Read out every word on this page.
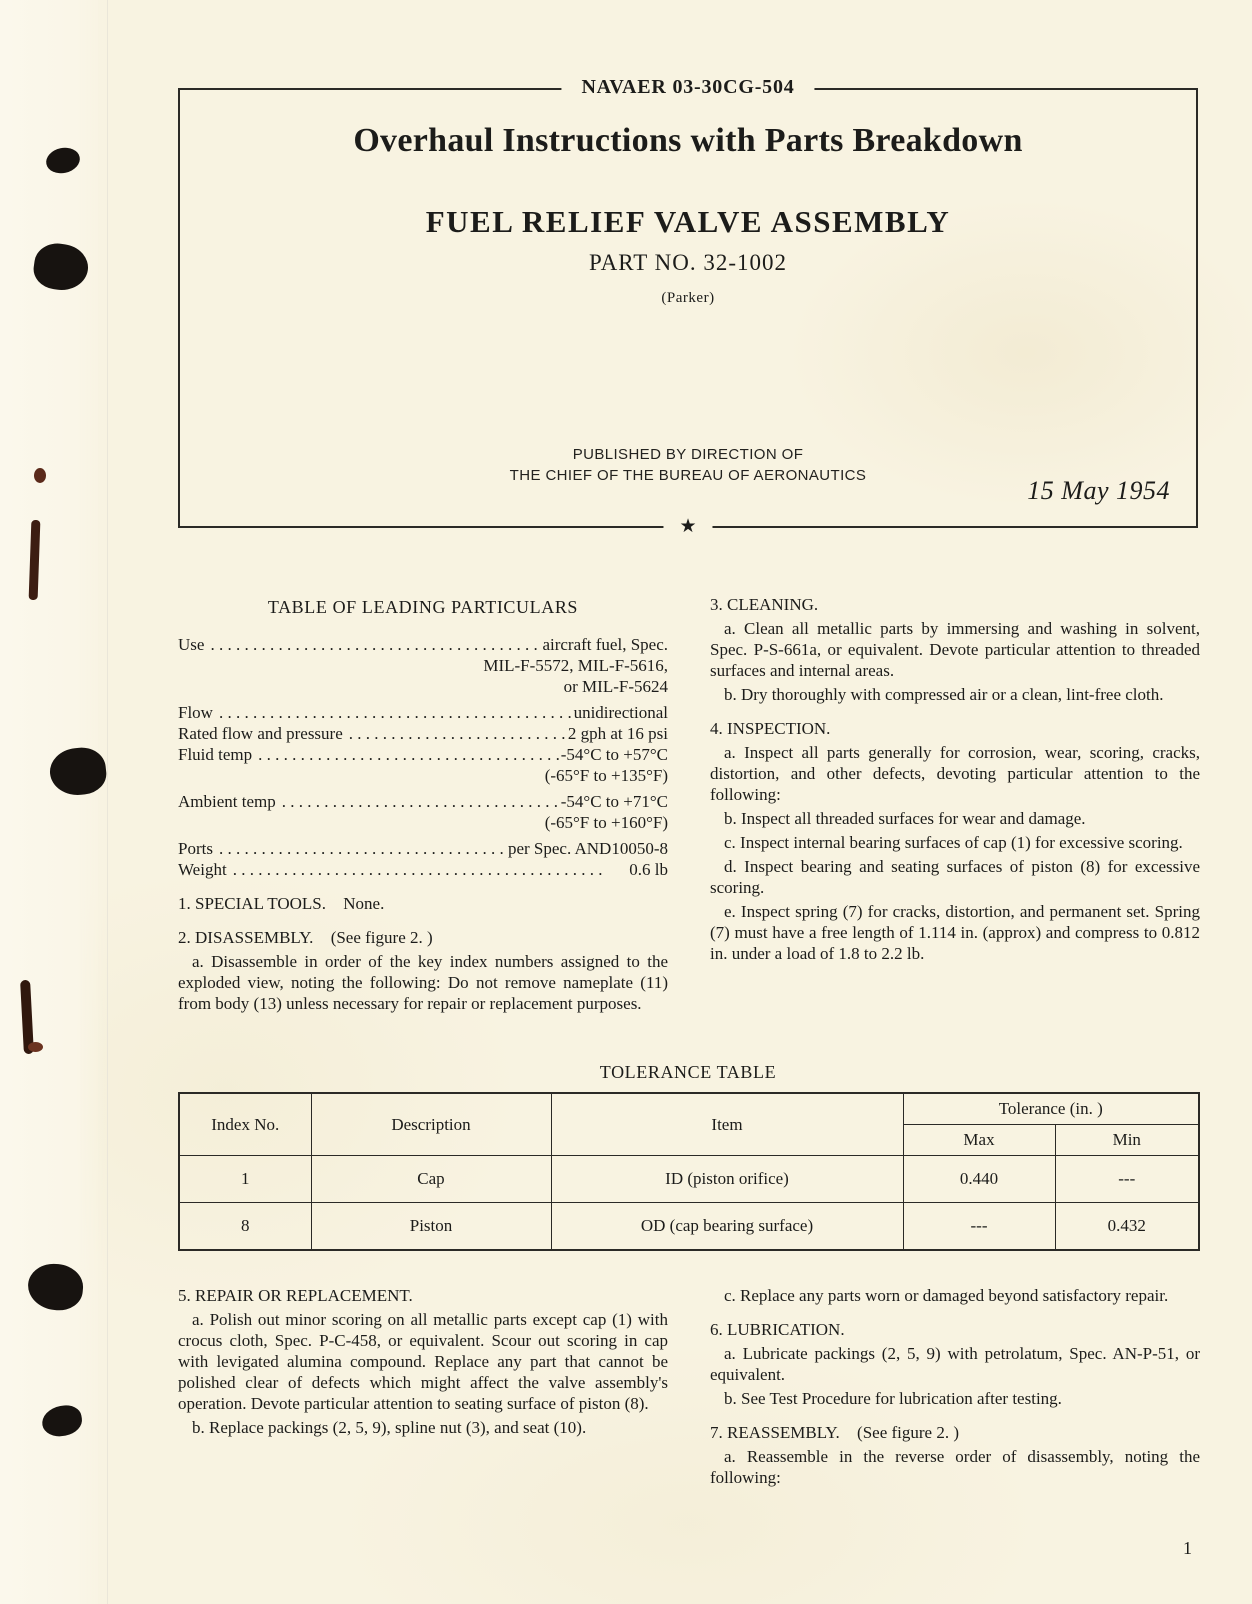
NAVAER 03-30CG-504
Overhaul Instructions with Parts Breakdown
FUEL RELIEF VALVE ASSEMBLY
PART NO. 32-1002
(Parker)
PUBLISHED BY DIRECTION OF
THE CHIEF OF THE BUREAU OF AERONAUTICS
15 May 1954
★
TABLE OF LEADING PARTICULARS
Use . . .	aircraft fuel, Spec.
MIL-F-5572, MIL-F-5616,
or MIL-F-5624
Flow . . .	unidirectional
Rated flow and pressure . . .	2 gph at 16 psi
Fluid temp . . .	-54°C to +57°C
(-65°F to +135°F)
Ambient temp . . .	-54°C to +71°C
(-65°F to +160°F)
Ports . . .	per Spec. AND10050-8
Weight . . .	0.6 lb
1. SPECIAL TOOLS. None.
2. DISASSEMBLY. (See figure 2. )

a. Disassemble in order of the key index numbers assigned to the exploded view, noting the following: Do not remove nameplate (11) from body (13) unless necessary for repair or replacement purposes.

3. CLEANING.

a. Clean all metallic parts by immersing and washing in solvent, Spec. P-S-661a, or equivalent. Devote particular attention to threaded surfaces and internal areas.

b. Dry thoroughly with compressed air or a clean, lint-free cloth.

4. INSPECTION.

a. Inspect all parts generally for corrosion, wear, scoring, cracks, distortion, and other defects, devoting particular attention to the following:

b. Inspect all threaded surfaces for wear and damage.

c. Inspect internal bearing surfaces of cap (1) for excessive scoring.

d. Inspect bearing and seating surfaces of piston (8) for excessive scoring.

e. Inspect spring (7) for cracks, distortion, and permanent set. Spring (7) must have a free length of 1.114 in. (approx) and compress to 0.812 in. under a load of 1.8 to 2.2 lb.

TOLERANCE TABLE
Index No.	Description	Item	Tolerance (in. )	
			Max	Min
1	Cap	ID (piston orifice)	0.440	---
8	Piston	OD (cap bearing surface)	---	0.432
5. REPAIR OR REPLACEMENT.

a. Polish out minor scoring on all metallic parts except cap (1) with crocus cloth, Spec. P-C-458, or equivalent. Scour out scoring in cap with levigated alumina compound. Replace any part that cannot be polished clear of defects which might affect the valve assembly's operation. Devote particular attention to seating surface of piston (8).

b. Replace packings (2, 5, 9), spline nut (3), and seat (10).

c. Replace any parts worn or damaged beyond satisfactory repair.

6. LUBRICATION.

a. Lubricate packings (2, 5, 9) with petrolatum, Spec. AN-P-51, or equivalent.

b. See Test Procedure for lubrication after testing.

7. REASSEMBLY. (See figure 2. )

a. Reassemble in the reverse order of disassembly, noting the following:

1
